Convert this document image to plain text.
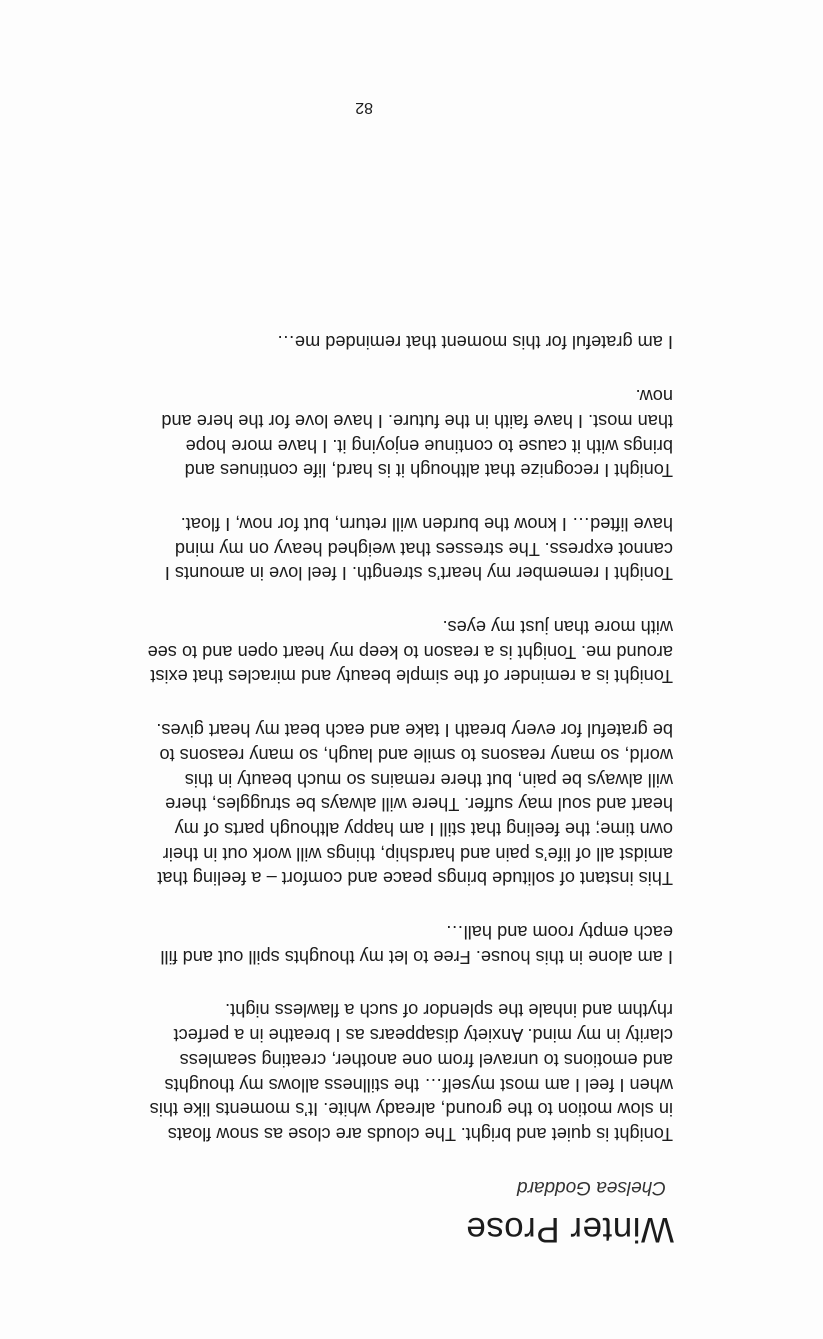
Winter Prose

Chelsea Goddard

Tonight is quiet and bright. The clouds are close as snow floats
in slow motion to the ground, already white. It’s moments like this
when I feel I am most myself… the stillness allows my thoughts
and emotions to unravel from one another, creating seamless
clarity in my mind. Anxiety disappears as I breathe in a perfect
rhythm and inhale the splendor of such a flawless night.
I am alone in this house. Free to let my thoughts spill out and fill
each empty room and hall…
This instant of solitude brings peace and comfort – a feeling that
amidst all of life’s pain and hardship, things will work out in their
own time; the feeling that still I am happy although parts of my
heart and soul may suffer. There will always be struggles, there
will always be pain, but there remains so much beauty in this
world, so many reasons to smile and laugh, so many reasons to
be grateful for every breath I take and each beat my heart gives.
Tonight is a reminder of the simple beauty and miracles that exist
around me. Tonight is a reason to keep my heart open and to see
with more than just my eyes.
Tonight I remember my heart’s strength. I feel love in amounts I
cannot express. The stresses that weighed heavy on my mind
have lifted… I know the burden will return, but for now, I float.
Tonight I recognize that although it is hard, life continues and
brings with it cause to continue enjoying it. I have more hope
than most. I have faith in the future. I have love for the here and
now.
I am grateful for this moment that reminded me…

82
